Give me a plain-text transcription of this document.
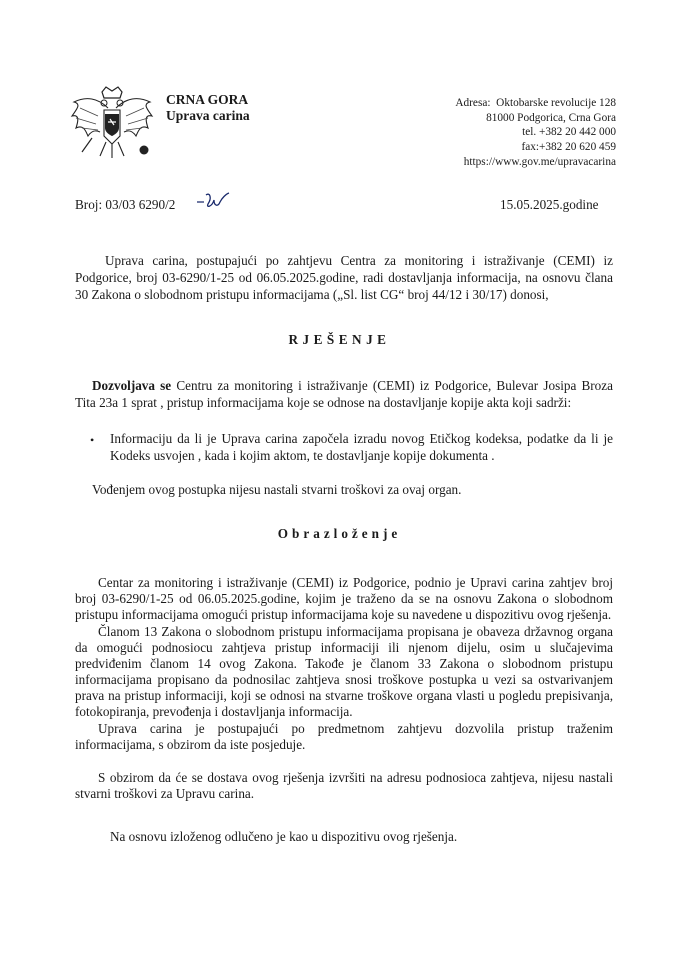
CRNA GORA
Uprava carina
Adresa: Oktobarske revolucije 128
81000 Podgorica, Crna Gora
tel. +382 20 442 000
fax:+382 20 620 459
https://www.gov.me/upravacarina
Broj: 03/03 6290/2	15.05.2025.godine
Uprava carina, postupajući po zahtjevu Centra za monitoring i istraživanje (CEMI) iz
Podgorice, broj 03-6290/1-25 od 06.05.2025.godine, radi dostavljanja informacija, na osnovu člana
30 Zakona o slobodnom pristupu informacijama („Sl. list CG“ broj 44/12 i 30/17) donosi,
RJEŠENJE
Dozvoljava se Centru za monitoring i istraživanje (CEMI) iz Podgorice, Bulevar Josipa Broza
Tita 23a 1 sprat , pristup informacijama koje se odnose na dostavljanje kopije akta koji sadrži:
• Informaciju da li je Uprava carina započela izradu novog Etičkog kodeksa, podatke da li je
Kodeks usvojen , kada i kojim aktom, te dostavljanje kopije dokumenta .
Vođenjem ovog postupka nijesu nastali stvarni troškovi za ovaj organ.
Obrazloženje
Centar za monitoring i istraživanje (CEMI) iz Podgorice, podnio je Upravi carina zahtjev broj
broj 03-6290/1-25 od 06.05.2025.godine, kojim je traženo da se na osnovu Zakona o slobodnom
pristupu informacijama omogući pristup informacijama koje su navedene u dispozitivu ovog rješenja.
Članom 13 Zakona o slobodnom pristupu informacijama propisana je obaveza državnog organa
da omogući podnosiocu zahtjeva pristup informaciji ili njenom dijelu, osim u slučajevima
predviđenim članom 14 ovog Zakona. Takođe je članom 33 Zakona o slobodnom pristupu
informacijama propisano da podnosilac zahtjeva snosi troškove postupka u vezi sa ostvarivanjem
prava na pristup informaciji, koji se odnosi na stvarne troškove organa vlasti u pogledu prepisivanja,
fotokopiranja, prevođenja i dostavljanja informacija.
Uprava carina je postupajući po predmetnom zahtjevu dozvolila pristup traženim
informacijama, s obzirom da iste posjeduje.
S obzirom da će se dostava ovog rješenja izvršiti na adresu podnosioca zahtjeva, nijesu nastali
stvarni troškovi za Upravu carina.
Na osnovu izloženog odlučeno je kao u dispozitivu ovog rješenja.
